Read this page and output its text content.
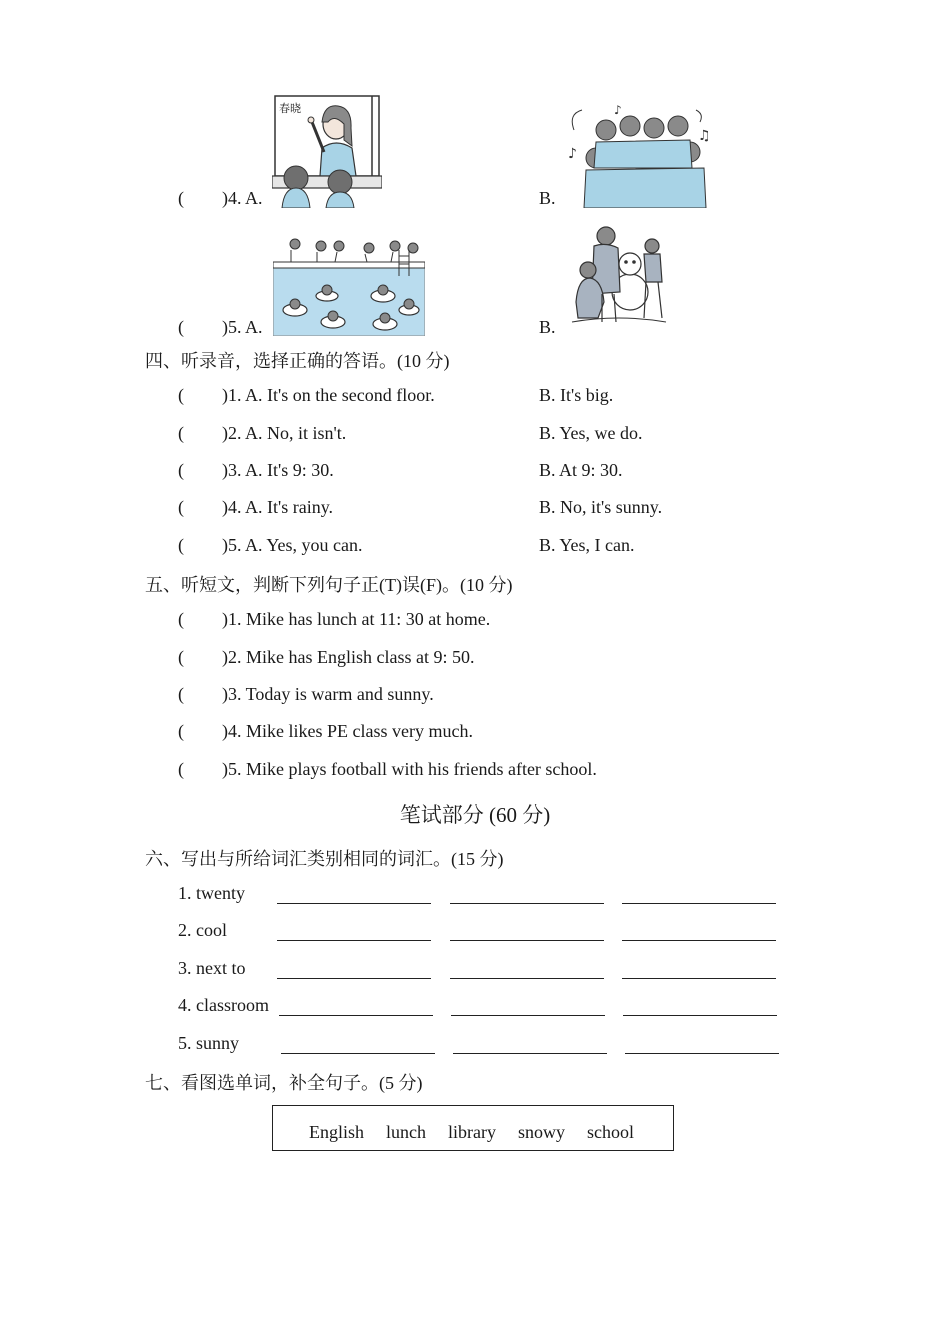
( )4. A.
春晓
B.
♪
♫
♪
( )5. A.	B.
四、听录音，选择正确的答语。(10 分)
( )1. A. It's on the second floor.	B. It's big.
( )2. A. No, it isn't.	B. Yes, we do.
( )3. A. It's 9: 30.	B. At 9: 30.
( )4. A. It's rainy.	B. No, it's sunny.
( )5. A. Yes, you can.	B. Yes, I can.
五、听短文，判断下列句子正(T)误(F)。(10 分)
( )1. Mike has lunch at 11: 30 at home.
( )2. Mike has English class at 9: 50.
( )3. Today is warm and sunny.
( )4. Mike likes PE class very much.
( )5. Mike plays football with his friends after school.
笔试部分 (60 分)
六、写出与所给词汇类别相同的词汇。(15 分)
1. twenty
2. cool
3. next to
4. classroom
5. sunny
七、看图选单词，补全句子。(5 分)
English lunch library snowy school
